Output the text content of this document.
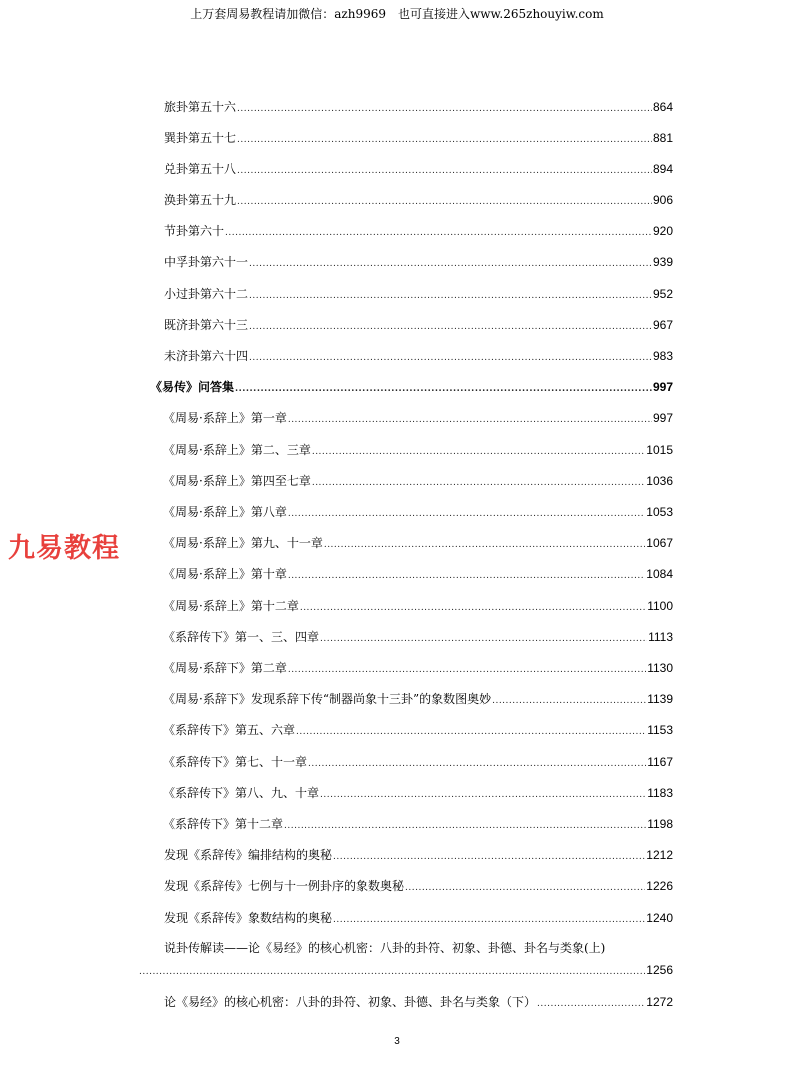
上万套周易教程请加微信：azh9969　也可直接进入www.265zhouyiw.com
九易教程
旅卦第五十六 .....	864
巽卦第五十七 .....	881
兑卦第五十八 .....	894
涣卦第五十九 .....	906
节卦第六十 .....	920
中孚卦第六十一 .....	939
小过卦第六十二 .....	952
既济卦第六十三 .....	967
未济卦第六十四 .....	983
《易传》问答集 .....	997
《周易·系辞上》第一章 .....	997
《周易·系辞上》第二、三章 .....	1015
《周易·系辞上》第四至七章 .....	1036
《周易·系辞上》第八章 .....	1053
《周易·系辞上》第九、十一章 .....	1067
《周易·系辞上》第十章 .....	1084
《周易·系辞上》第十二章 .....	1100
《系辞传下》第一、三、四章 .....	1113
《周易·系辞下》第二章 .....	1130
《周易·系辞下》发现系辞下传“制器尚象十三卦”的象数图奥妙 .....	1139
《系辞传下》第五、六章 .....	1153
《系辞传下》第七、十一章 .....	1167
《系辞传下》第八、九、十章 .....	1183
《系辞传下》第十二章 .....	1198
发现《系辞传》编排结构的奥秘 .....	1212
发现《系辞传》七例与十一例卦序的象数奥秘 .....	1226
发现《系辞传》象数结构的奥秘 .....	1240
说卦传解读——论《易经》的核心机密：八卦的卦符、初象、卦德、卦名与类象(上)
.....
1256
论《易经》的核心机密：八卦的卦符、初象、卦德、卦名与类象（下） .....	1272
3
